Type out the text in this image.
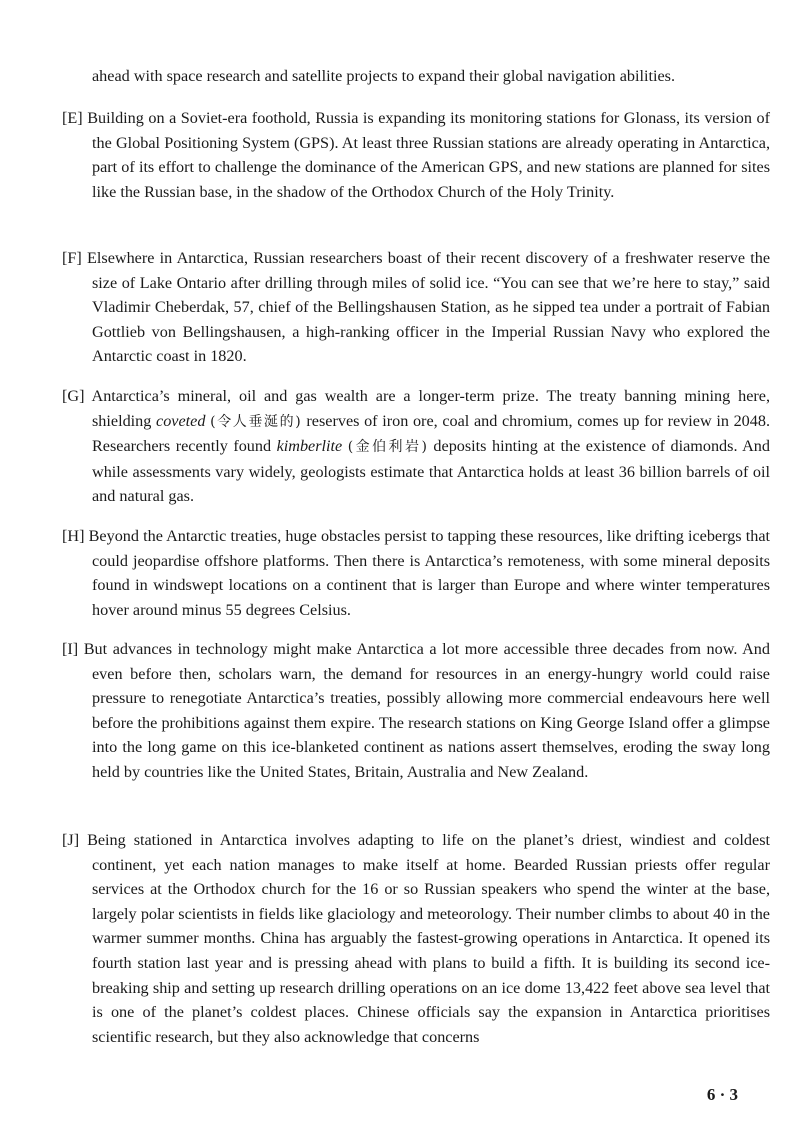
ahead with space research and satellite projects to expand their global navigation abilities.

[E] Building on a Soviet-era foothold, Russia is expanding its monitoring stations for Glonass, its version of the Global Positioning System (GPS). At least three Russian stations are already operating in Antarctica, part of its effort to challenge the dominance of the American GPS, and new stations are planned for sites like the Russian base, in the shadow of the Orthodox Church of the Holy Trinity.

[F] Elsewhere in Antarctica, Russian researchers boast of their recent discovery of a freshwater reserve the size of Lake Ontario after drilling through miles of solid ice. “You can see that we’re here to stay,” said Vladimir Cheberdak, 57, chief of the Bellingshausen Station, as he sipped tea under a portrait of Fabian Gottlieb von Bellingshausen, a high-ranking officer in the Imperial Russian Navy who explored the Antarctic coast in 1820.

[G] Antarctica’s mineral, oil and gas wealth are a longer-term prize. The treaty banning mining here, shielding coveted (令人垂涎的) reserves of iron ore, coal and chromium, comes up for review in 2048. Researchers recently found kimberlite (金伯利岩) deposits hinting at the existence of diamonds. And while assessments vary widely, geologists estimate that Antarctica holds at least 36 billion barrels of oil and natural gas.

[H] Beyond the Antarctic treaties, huge obstacles persist to tapping these resources, like drifting icebergs that could jeopardise offshore platforms. Then there is Antarctica’s remoteness, with some mineral deposits found in windswept locations on a continent that is larger than Europe and where winter temperatures hover around minus 55 degrees Celsius.

[I] But advances in technology might make Antarctica a lot more accessible three decades from now. And even before then, scholars warn, the demand for resources in an energy-hungry world could raise pressure to renegotiate Antarctica’s treaties, possibly allowing more commercial endeavours here well before the prohibitions against them expire. The research stations on King George Island offer a glimpse into the long game on this ice-blanketed continent as nations assert themselves, eroding the sway long held by countries like the United States, Britain, Australia and New Zealand.

[J] Being stationed in Antarctica involves adapting to life on the planet’s driest, windiest and coldest continent, yet each nation manages to make itself at home. Bearded Russian priests offer regular services at the Orthodox church for the 16 or so Russian speakers who spend the winter at the base, largely polar scientists in fields like glaciology and meteorology. Their number climbs to about 40 in the warmer summer months. China has arguably the fastest-growing operations in Antarctica. It opened its fourth station last year and is pressing ahead with plans to build a fifth. It is building its second ice-breaking ship and setting up research drilling operations on an ice dome 13,422 feet above sea level that is one of the planet’s coldest places. Chinese officials say the expansion in Antarctica prioritises scientific research, but they also acknowledge that concerns

6 · 3
